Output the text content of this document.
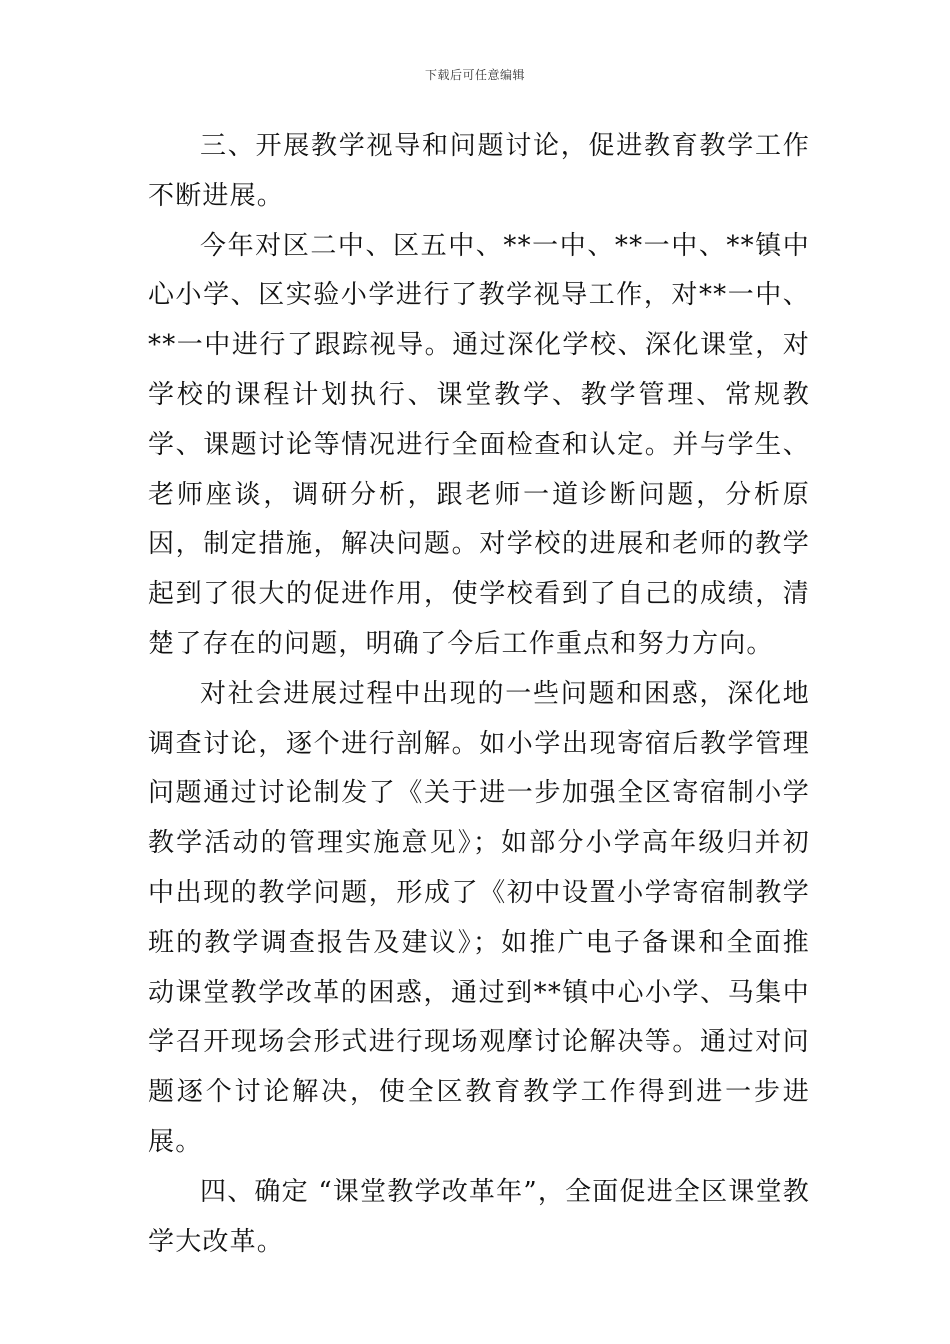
下载后可任意编辑

三、开展教学视导和问题讨论，促进教育教学工作不断进展。

今年对区二中、区五中、**一中、**一中、**镇中心小学、区实验小学进行了教学视导工作，对**一中、**一中进行了跟踪视导。通过深化学校、深化课堂，对学校的课程计划执行、课堂教学、教学管理、常规教学、课题讨论等情况进行全面检查和认定。并与学生、老师座谈，调研分析，跟老师一道诊断问题，分析原因，制定措施，解决问题。对学校的进展和老师的教学起到了很大的促进作用，使学校看到了自己的成绩，清楚了存在的问题，明确了今后工作重点和努力方向。

对社会进展过程中出现的一些问题和困惑，深化地调查讨论，逐个进行剖解。如小学出现寄宿后教学管理问题通过讨论制发了《关于进一步加强全区寄宿制小学教学活动的管理实施意见》；如部分小学高年级归并初中出现的教学问题，形成了《初中设置小学寄宿制教学班的教学调查报告及建议》；如推广电子备课和全面推动课堂教学改革的困惑，通过到**镇中心小学、马集中学召开现场会形式进行现场观摩讨论解决等。通过对问题逐个讨论解决，使全区教育教学工作得到进一步进展。

四、确定 “课堂教学改革年”，全面促进全区课堂教学大改革。
